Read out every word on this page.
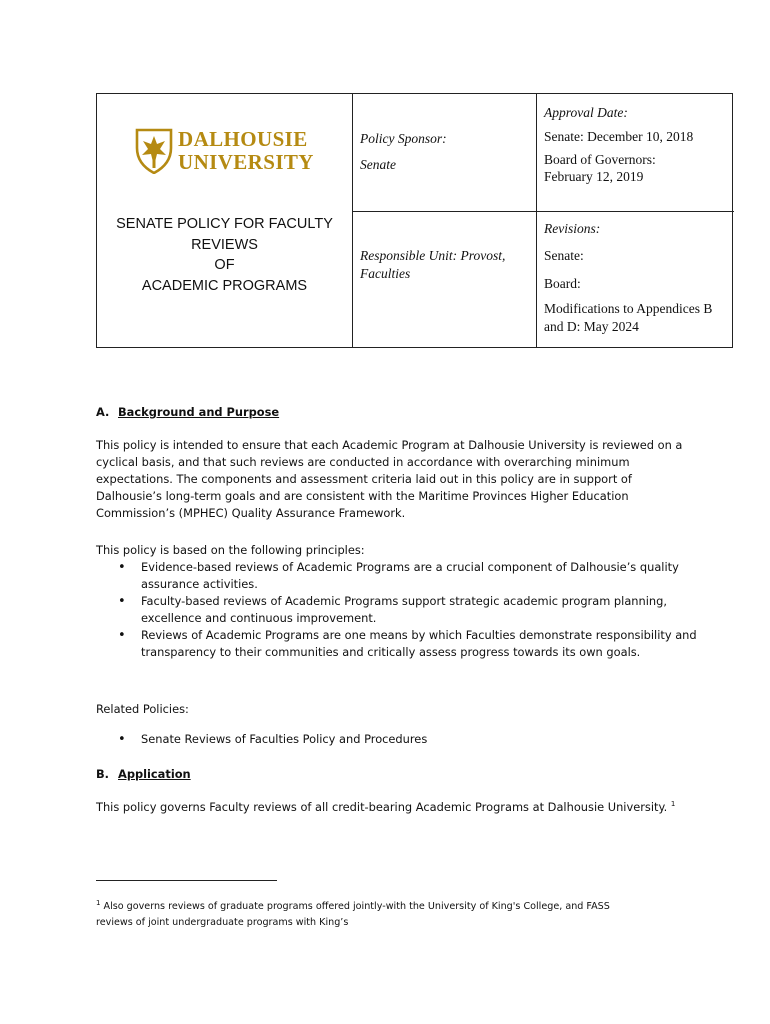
DALHOUSIE
UNIVERSITY
SENATE POLICY FOR FACULTY
REVIEWS
OF
ACADEMIC PROGRAMS
Policy Sponsor:
Senate
Responsible Unit: Provost,
Faculties
Approval Date:
Senate: December 10, 2018
Board of Governors:
February 12, 2019
Revisions:
Senate:
Board:
Modifications to Appendices B
and D: May 2024
A. Background and Purpose
This policy is intended to ensure that each Academic Program at Dalhousie University is reviewed on a
cyclical basis, and that such reviews are conducted in accordance with overarching minimum
expectations. The components and assessment criteria laid out in this policy are in support of
Dalhousie’s long-term goals and are consistent with the Maritime Provinces Higher Education
Commission’s (MPHEC) Quality Assurance Framework.
This policy is based on the following principles:
• Evidence-based reviews of Academic Programs are a crucial component of Dalhousie’s quality
assurance activities.
• Faculty-based reviews of Academic Programs support strategic academic program planning,
excellence and continuous improvement.
• Reviews of Academic Programs are one means by which Faculties demonstrate responsibility and
transparency to their communities and critically assess progress towards its own goals.
Related Policies:
• Senate Reviews of Faculties Policy and Procedures
B. Application
This policy governs Faculty reviews of all credit-bearing Academic Programs at Dalhousie University. $^1$
$^1$ Also governs reviews of graduate programs offered jointly-with the University of King's College, and FASS
reviews of joint undergraduate programs with King’s
